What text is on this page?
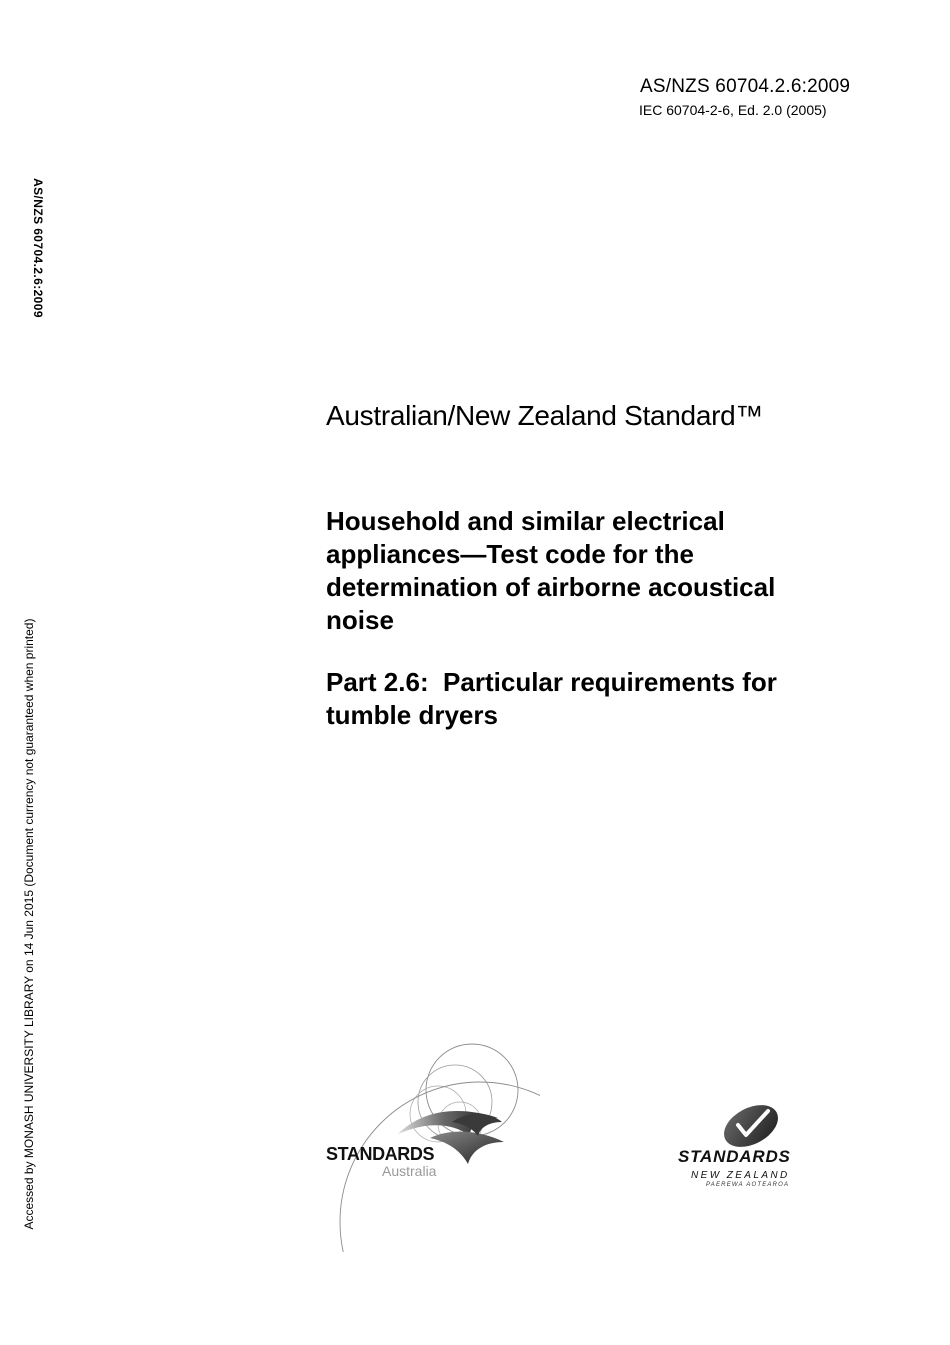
AS/NZS 60704.2.6:2009
IEC 60704-2-6, Ed. 2.0 (2005)
AS/NZS 60704.2.6:2009
Accessed by MONASH UNIVERSITY LIBRARY on 14 Jun 2015 (Document currency not guaranteed when printed)
Australian/New Zealand Standard™
Household and similar electrical appliances—Test code for the determination of airborne acoustical noise
Part 2.6:  Particular requirements for tumble dryers
STANDARDS
Australia
STANDARDS
NEW ZEALAND
PAEREWA AOTEAROA
